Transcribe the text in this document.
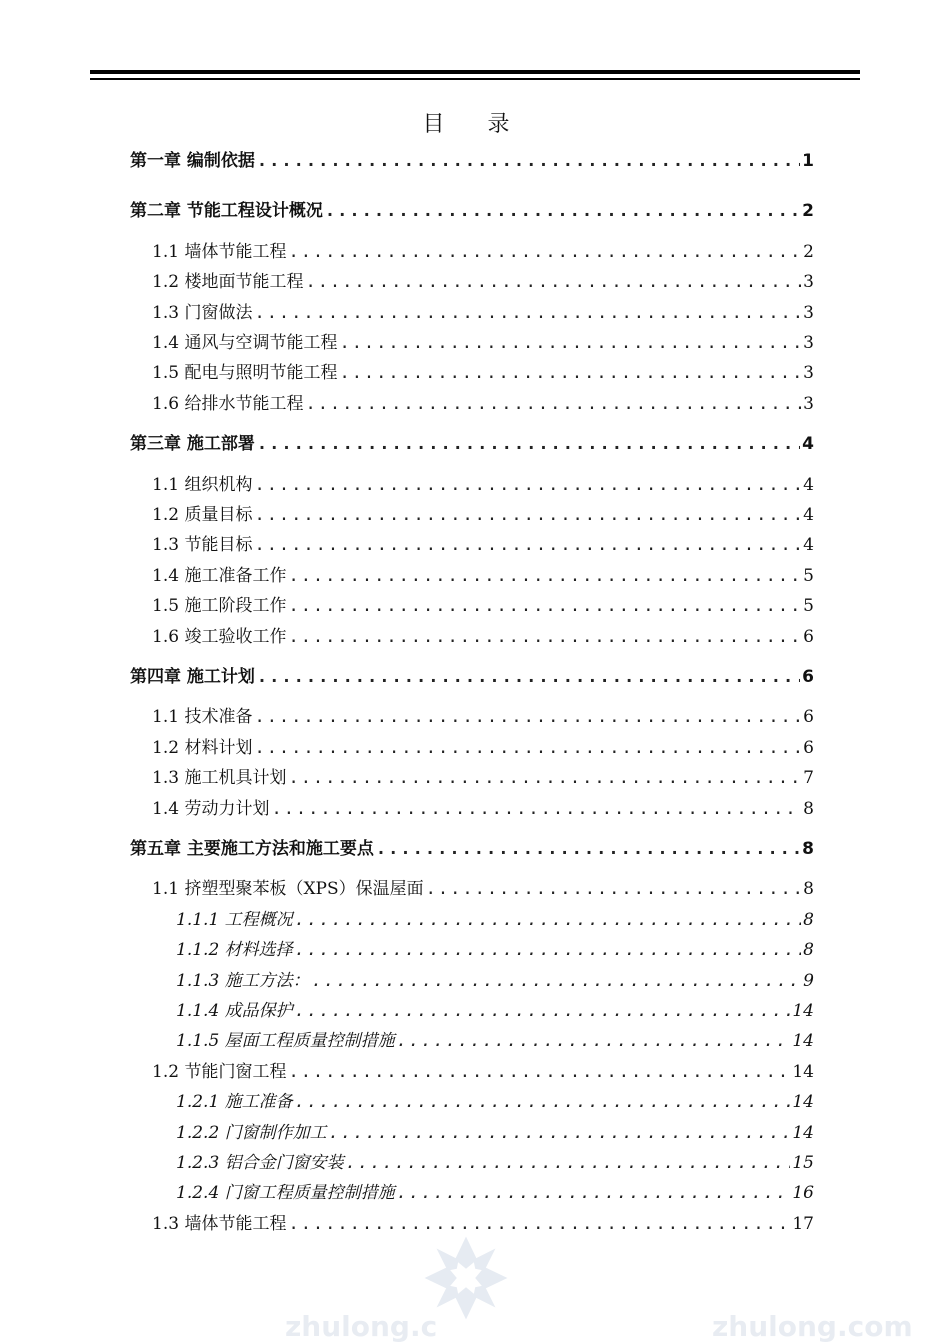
目 录
第一章 编制依据 .....	1
第二章 节能工程设计概况 .....	2
1.1 墙体节能工程 .....	2
1.2 楼地面节能工程 .....	3
1.3 门窗做法 .....	3
1.4 通风与空调节能工程 .....	3
1.5 配电与照明节能工程 .....	3
1.6 给排水节能工程 .....	3
第三章 施工部署 .....	4
1.1 组织机构 .....	4
1.2 质量目标 .....	4
1.3 节能目标 .....	4
1.4 施工准备工作 .....	5
1.5 施工阶段工作 .....	5
1.6 竣工验收工作 .....	6
第四章 施工计划 .....	6
1.1 技术准备 .....	6
1.2 材料计划 .....	6
1.3 施工机具计划 .....	7
1.4 劳动力计划 .....	8
第五章 主要施工方法和施工要点 .....	8
1.1 挤塑型聚苯板（XPS）保温屋面 .....	8
1.1.1 工程概况 .....	8
1.1.2 材料选择 .....	8
1.1.3 施工方法： .....	9
1.1.4 成品保护 .....	14
1.1.5 屋面工程质量控制措施 .....	14
1.2 节能门窗工程 .....	14
1.2.1 施工准备 .....	14
1.2.2 门窗制作加工 .....	14
1.2.3 铝合金门窗安装 .....	15
1.2.4 门窗工程质量控制措施 .....	16
1.3 墙体节能工程 .....	17
zhulong.c	zhulong.com
